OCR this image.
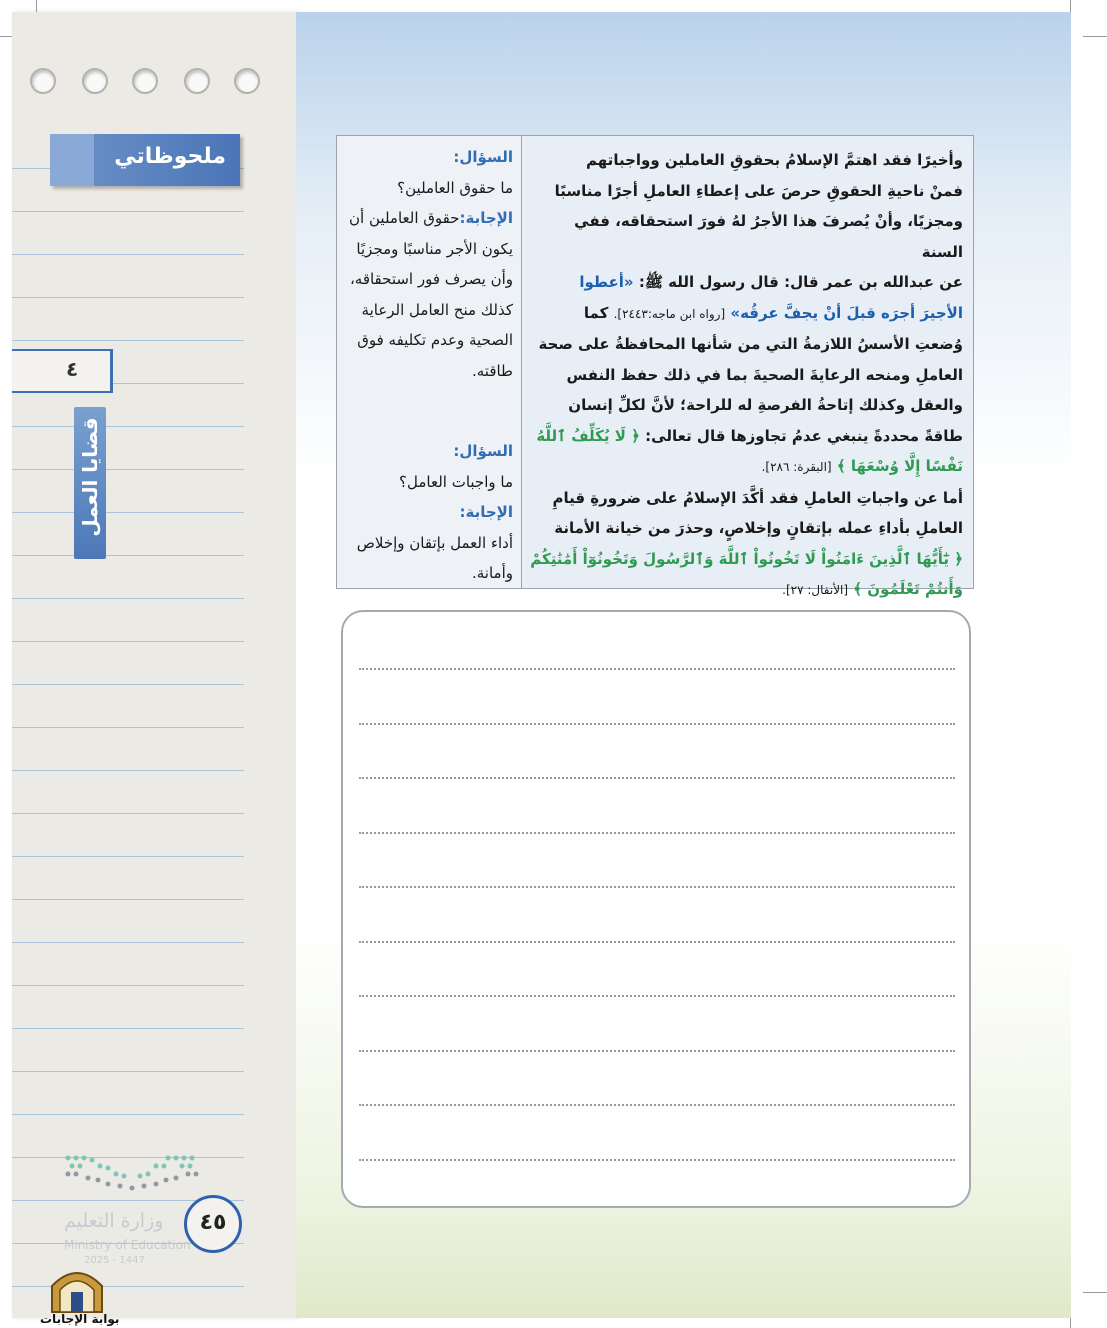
ملحوظاتي
٤
قضايا العمل
وزارة التعليم
Ministry of Education
2025 - 1447
٤٥
بوابة الإجابات
وأخيرًا فقد اهتمَّ الإسلامُ بحقوقِ العاملين وواجباتهم
فمنْ ناحيةِ الحقوقِ حرصَ على إعطاءِ العاملِ أجرًا مناسبًا
ومجزيًا، وأنْ يُصرفَ هذا الأجرُ لهُ فورَ استحقاقه، ففي السنة
عن عبدالله بن عمر قال: قال رسول الله ﷺ: «أعطوا
الأجيرَ أجرَه قبلَ أنْ يجفَّ عرقُه» [رواه ابن ماجه:٢٤٤٣]. كما
وُضعتِ الأسسُ اللازمةُ التي من شأنها المحافظةُ على صحة
العاملِ ومنحه الرعايةَ الصحيةَ بما في ذلك حفظ النفس
والعقل وكذلك إتاحةُ الفرصةِ له للراحة؛ لأنَّ لكلِّ إنسان
طاقةً محددةً ينبغي عدمُ تجاوزها قال تعالى: ﴿ لَا يُكَلِّفُ ٱللَّهُ نَفْسًا إِلَّا وُسْعَهَا ﴾ [البقرة: ٢٨٦].
أما عن واجباتِ العاملِ فقد أكَّدَ الإسلامُ على ضرورةِ قيامِ
العاملِ بأداءِ عمله بإتقانٍ وإخلاصٍ، وحذرَ من خيانة الأمانة
﴿ يَٰٓأَيُّهَا ٱلَّذِينَ ءَامَنُواْ لَا تَخُونُواْ ٱللَّهَ وَٱلرَّسُولَ وَتَخُونُوٓاْ أَمَٰنَٰتِكُمْ وَأَنتُمْ تَعْلَمُونَ ﴾ [الأنفال: ٢٧].
السؤال:
ما حقوق العاملين؟
الإجابة:حقوق العاملين أن يكون الأجر مناسبًا ومجزيًا وأن يصرف فور استحقاقه، كذلك منح العامل الرعاية الصحية وعدم تكليفه فوق طاقته.
السؤال:
ما واجبات العامل؟
الإجابة:
أداء العمل بإتقان وإخلاص وأمانة.
